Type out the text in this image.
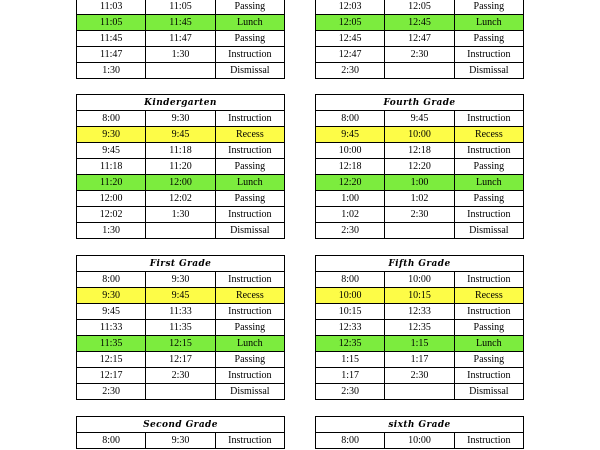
11:03	11:05	Passing
11:05	11:45	Lunch
11:45	11:47	Passing
11:47	1:30	Instruction
1:30		Dismissal
12:03	12:05	Passing
12:05	12:45	Lunch
12:45	12:47	Passing
12:47	2:30	Instruction
2:30		Dismissal
Kindergarten		
8:00	9:30	Instruction
9:30	9:45	Recess
9:45	11:18	Instruction
11:18	11:20	Passing
11:20	12:00	Lunch
12:00	12:02	Passing
12:02	1:30	Instruction
1:30		Dismissal
Fourth Grade		
8:00	9:45	Instruction
9:45	10:00	Recess
10:00	12:18	Instruction
12:18	12:20	Passing
12:20	1:00	Lunch
1:00	1:02	Passing
1:02	2:30	Instruction
2:30		Dismissal
First Grade		
8:00	9:30	Instruction
9:30	9:45	Recess
9:45	11:33	Instruction
11:33	11:35	Passing
11:35	12:15	Lunch
12:15	12:17	Passing
12:17	2:30	Instruction
2:30		Dismissal
Fifth Grade		
8:00	10:00	Instruction
10:00	10:15	Recess
10:15	12:33	Instruction
12:33	12:35	Passing
12:35	1:15	Lunch
1:15	1:17	Passing
1:17	2:30	Instruction
2:30		Dismissal
Second Grade
8:00	9:30	Instruction
sixth Grade
8:00	10:00	Instruction
